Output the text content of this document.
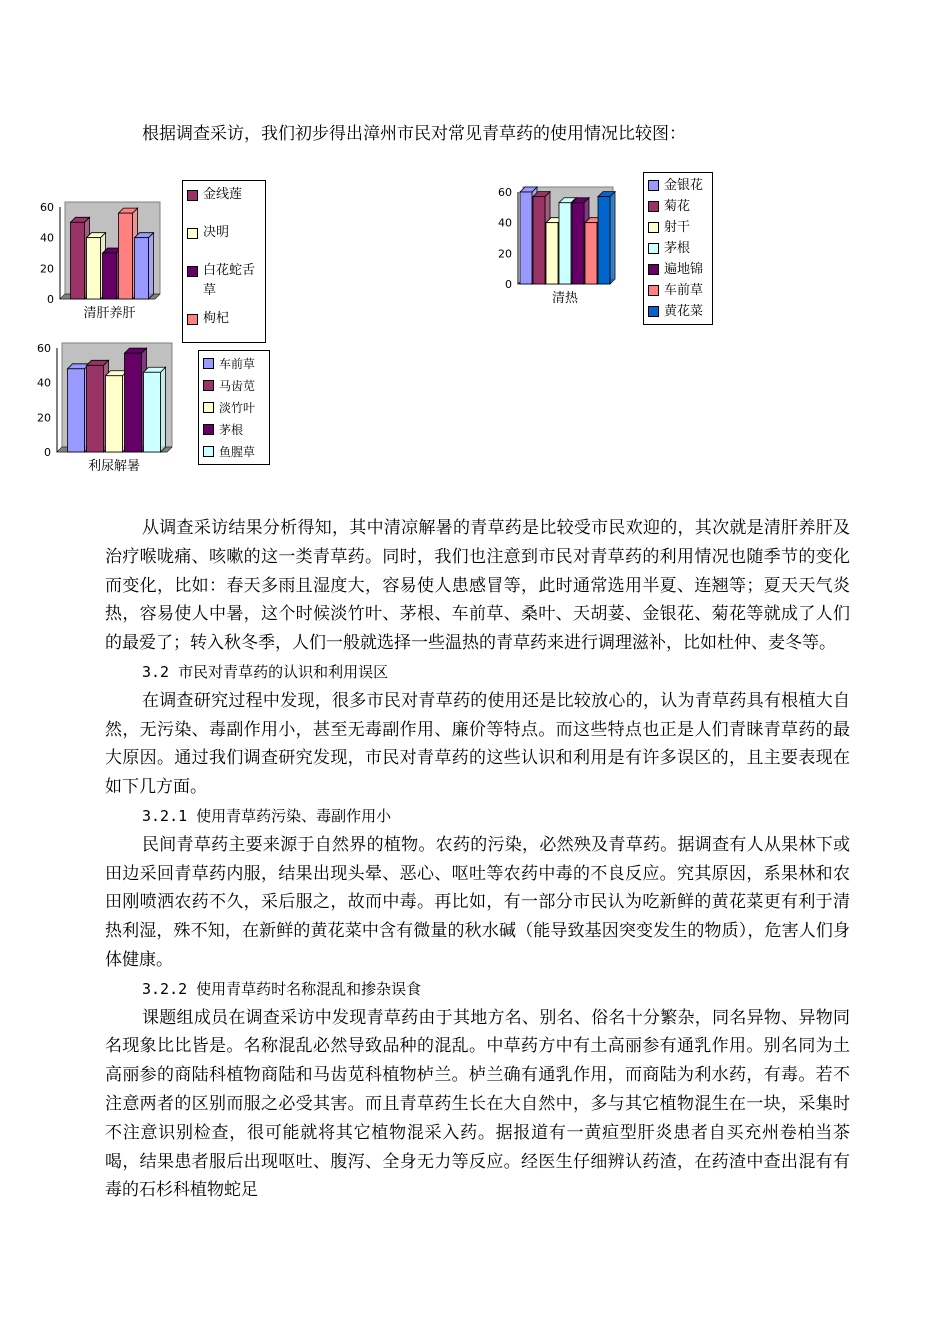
根据调查采访，我们初步得出漳州市民对常见青草药的使用情况比较图：
60
40
20
0
清肝养肝
金线莲
决明
白花蛇舌草
枸杞
60
40
20
0
清热
金银花
菊花
射干
茅根
遍地锦
车前草
黄花菜
60
40
20
0
利尿解暑
车前草
马齿苋
淡竹叶
茅根
鱼腥草

从调查采访结果分析得知，其中清凉解暑的青草药是比较受市民欢迎的，其次就是清肝养肝及治疗喉咙痛、咳嗽的这一类青草药。同时，我们也注意到市民对青草药的利用情况也随季节的变化而变化，比如：春天多雨且湿度大，容易使人患感冒等，此时通常选用半夏、连翘等；夏天天气炎热，容易使人中暑，这个时候淡竹叶、茅根、车前草、桑叶、天胡荽、金银花、菊花等就成了人们的最爱了；转入秋冬季，人们一般就选择一些温热的青草药来进行调理滋补，比如杜仲、麦冬等。

3.2 市民对青草药的认识和利用误区

在调查研究过程中发现，很多市民对青草药的使用还是比较放心的，认为青草药具有根植大自然，无污染、毒副作用小，甚至无毒副作用、廉价等特点。而这些特点也正是人们青睐青草药的最大原因。通过我们调查研究发现，市民对青草药的这些认识和利用是有许多误区的，且主要表现在如下几方面。

3.2.1 使用青草药污染、毒副作用小

民间青草药主要来源于自然界的植物。农药的污染，必然殃及青草药。据调查有人从果林下或田边采回青草药内服，结果出现头晕、恶心、呕吐等农药中毒的不良反应。究其原因，系果林和农田刚喷洒农药不久，采后服之，故而中毒。再比如，有一部分市民认为吃新鲜的黄花菜更有利于清热利湿，殊不知，在新鲜的黄花菜中含有微量的秋水碱（能导致基因突变发生的物质），危害人们身体健康。

3.2.2 使用青草药时名称混乱和掺杂误食

课题组成员在调查采访中发现青草药由于其地方名、别名、俗名十分繁杂，同名异物、异物同名现象比比皆是。名称混乱必然导致品种的混乱。中草药方中有土高丽参有通乳作用。别名同为土高丽参的商陆科植物商陆和马齿苋科植物栌兰。栌兰确有通乳作用，而商陆为利水药，有毒。若不注意两者的区别而服之必受其害。而且青草药生长在大自然中，多与其它植物混生在一块，采集时不注意识别检查，很可能就将其它植物混采入药。据报道有一黄疸型肝炎患者自买充州卷柏当茶喝，结果患者服后出现呕吐、腹泻、全身无力等反应。经医生仔细辨认药渣，在药渣中查出混有有毒的石杉科植物蛇足
